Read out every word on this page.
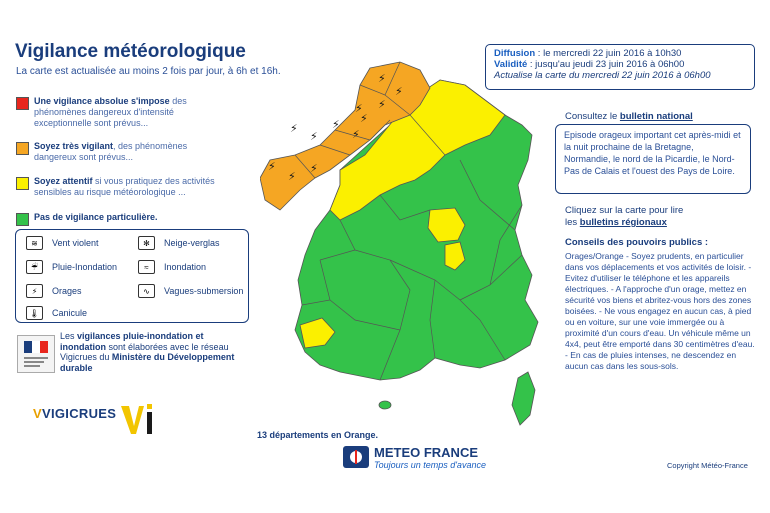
Vigilance météorologique
La carte est actualisée au moins 2 fois par jour, à 6h et 16h.
Une vigilance absolue s'impose des phénomènes dangereux d'intensité exceptionnelle sont prévus...
Soyez très vigilant, des phénomènes dangereux sont prévus...
Soyez attentif si vous pratiquez des activités sensibles au risque météorologique ...
Pas de vigilance particulière.
≋	Vent violent	✻	Neige-verglas
☔	Pluie-Inondation	≈	Inondation
⚡	Orages	∿	Vagues-submersion
🌡	Canicule
Les vigilances pluie-inondation et inondation sont élaborées avec le réseau Vigicrues du Ministère du Développement durable
VVIGICRUES
⚡
⚡
⚡ ⚡
⚡
⚡
⚡
⚡
⚡
⚡
⚡
⚡
13 départements en Orange.
Diffusion : le mercredi 22 juin 2016 à 10h30
Validité : jusqu'au jeudi 23 juin 2016 à 06h00
Actualise la carte du mercredi 22 juin 2016 à 06h00
Consultez le bulletin national
Episode orageux important cet après-midi et la nuit prochaine de la Bretagne, Normandie, le nord de la Picardie, le Nord-Pas de Calais et l'ouest des Pays de Loire.
Cliquez sur la carte pour lire
les bulletins régionaux
Conseils des pouvoirs publics :
Orages/Orange - Soyez prudents, en particulier dans vos déplacements et vos activités de loisir. - Evitez d'utiliser le téléphone et les appareils électriques. - A l'approche d'un orage, mettez en sécurité vos biens et abritez-vous hors des zones boisées. - Ne vous engagez en aucun cas, à pied ou en voiture, sur une voie immergée ou à proximité d'un cours d'eau. Un véhicule même un 4x4, peut être emporté dans 30 centimètres d'eau. - En cas de pluies intenses, ne descendez en aucun cas dans les sous-sols.
METEO FRANCE
Toujours un temps d'avance	Copyright Météo-France
